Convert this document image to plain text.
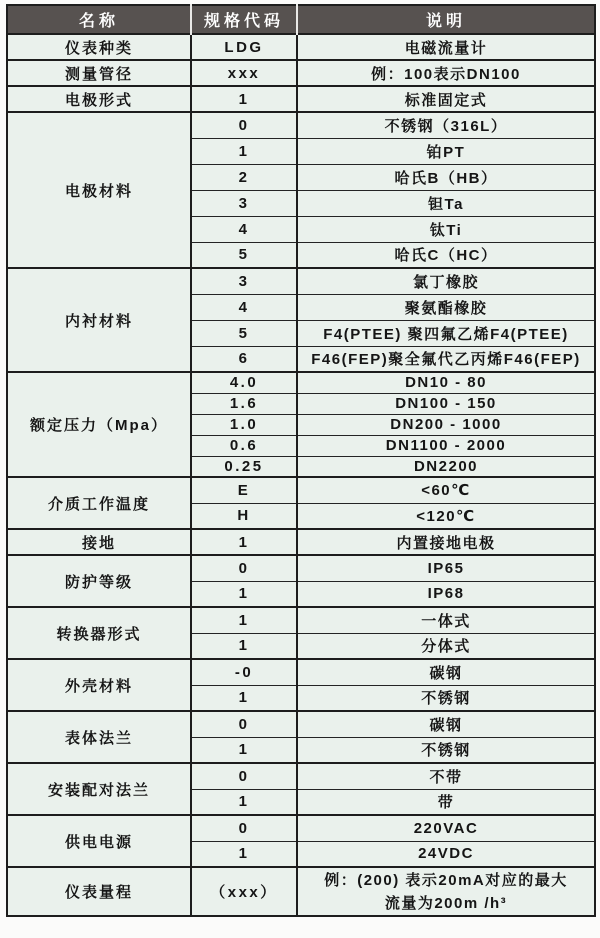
名称	规格代码	说明
仪表种类	LDG	电磁流量计
测量管径	xxx	例：100表示DN100
电极形式	1	标准固定式
电极材料	0	不锈钢（316L）
	1	铂PT
	2	哈氏B（HB）
	3	钽Ta
	4	钛Ti
	5	哈氏C（HC）
内衬材料	3	氯丁橡胶
	4	聚氨酯橡胶
	5	F4(PTEE) 聚四氟乙烯F4(PTEE)
	6	F46(FEP)聚全氟代乙丙烯F46(FEP)
额定压力（Mpa）	4.0	DN10 - 80
	1.6	DN100 - 150
	1.0	DN200 - 1000
	0.6	DN1100 - 2000
	0.25	DN2200
介质工作温度	E	<60℃
	H	<120℃
接地	1	内置接地电极
防护等级	0	IP65
	1	IP68
转换器形式	1	一体式
	1	分体式
外壳材料	-0	碳钢
	1	不锈钢
表体法兰	0	碳钢
	1	不锈钢
安装配对法兰	0	不带
	1	带
供电电源	0	220VAC
	1	24VDC
仪表量程	（xxx）	例：(200) 表示20mA对应的最大
流量为200m /h³
